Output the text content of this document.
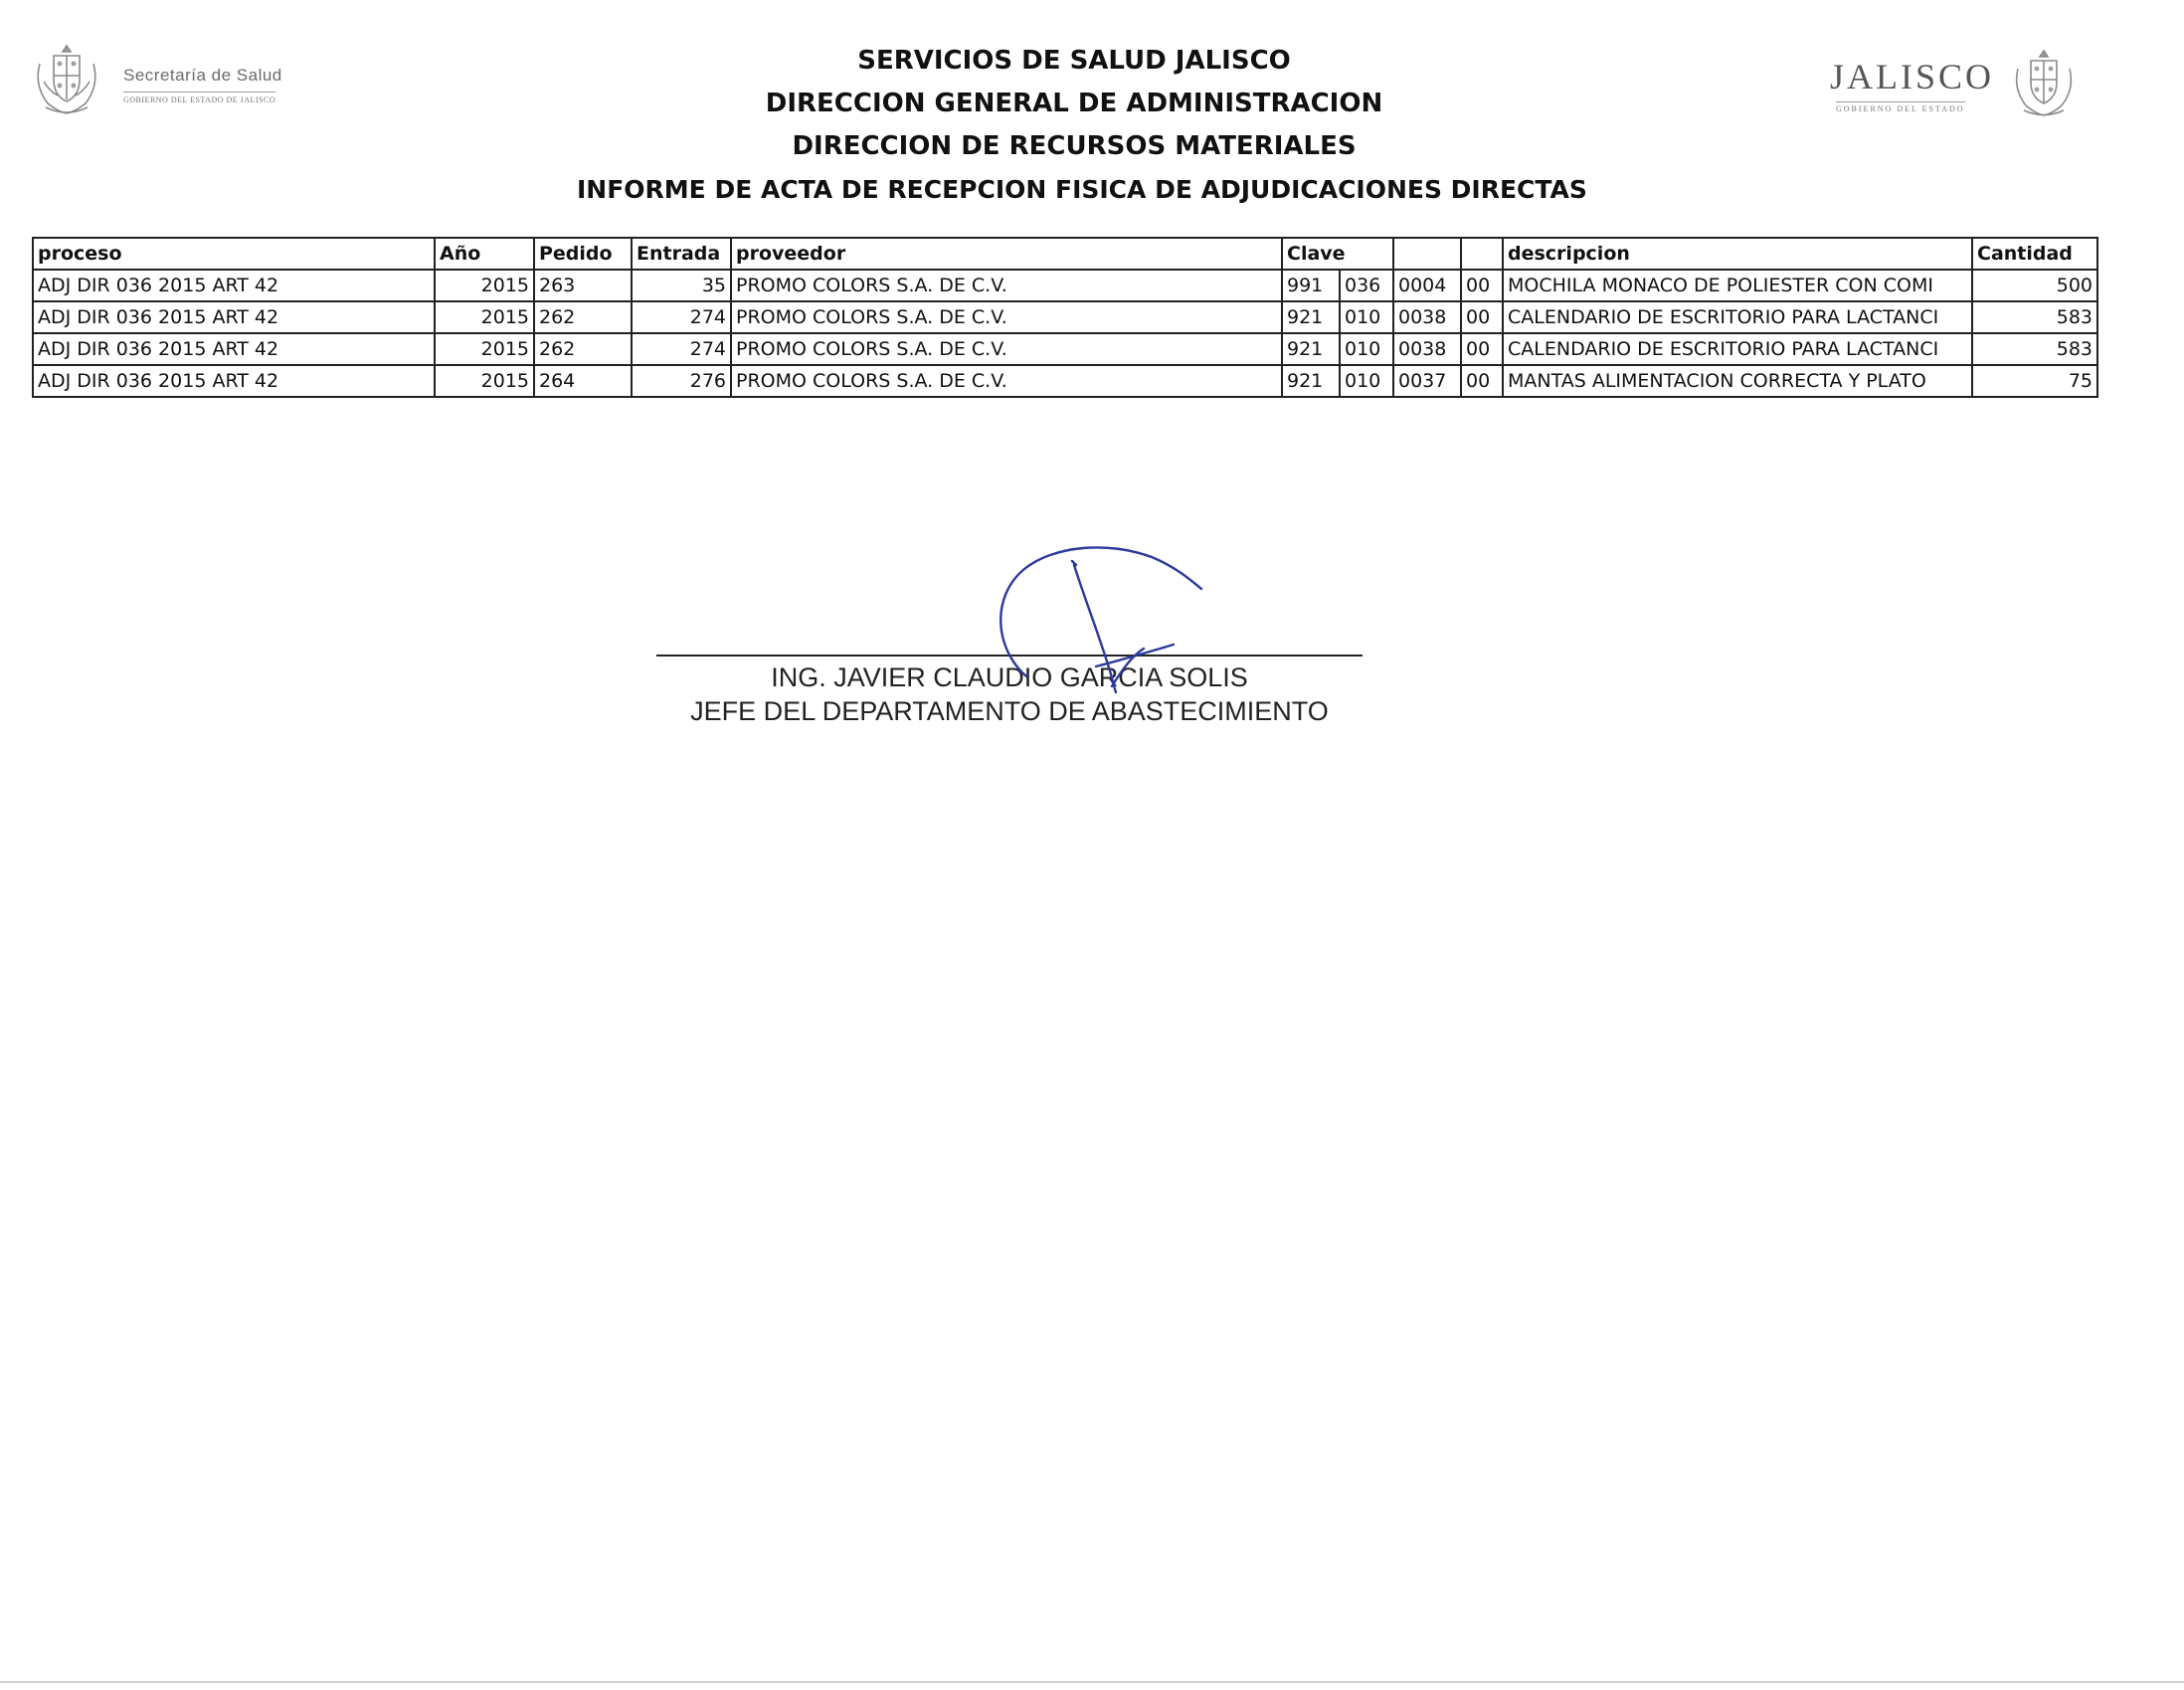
Secretaría de Salud
GOBIERNO DEL ESTADO DE JALISCO
JALISCO
GOBIERNO DEL ESTADO
SERVICIOS DE SALUD JALISCO
DIRECCION GENERAL DE ADMINISTRACION
DIRECCION DE RECURSOS MATERIALES
INFORME DE ACTA DE RECEPCION FISICA DE ADJUDICACIONES DIRECTAS
proceso	Año	Pedido	Entrada	proveedor	Clave				descripcion	Cantidad
ADJ DIR 036 2015 ART 42	2015	263	35	PROMO COLORS S.A. DE C.V.	991	036	0004	00	MOCHILA MONACO DE POLIESTER CON COMI	500
ADJ DIR 036 2015 ART 42	2015	262	274	PROMO COLORS S.A. DE C.V.	921	010	0038	00	CALENDARIO DE ESCRITORIO PARA LACTANCI	583
ADJ DIR 036 2015 ART 42	2015	262	274	PROMO COLORS S.A. DE C.V.	921	010	0038	00	CALENDARIO DE ESCRITORIO PARA LACTANCI	583
ADJ DIR 036 2015 ART 42	2015	264	276	PROMO COLORS S.A. DE C.V.	921	010	0037	00	MANTAS ALIMENTACION CORRECTA Y PLATO	75
ING. JAVIER CLAUDIO GARCIA SOLIS
JEFE DEL DEPARTAMENTO DE ABASTECIMIENTO
